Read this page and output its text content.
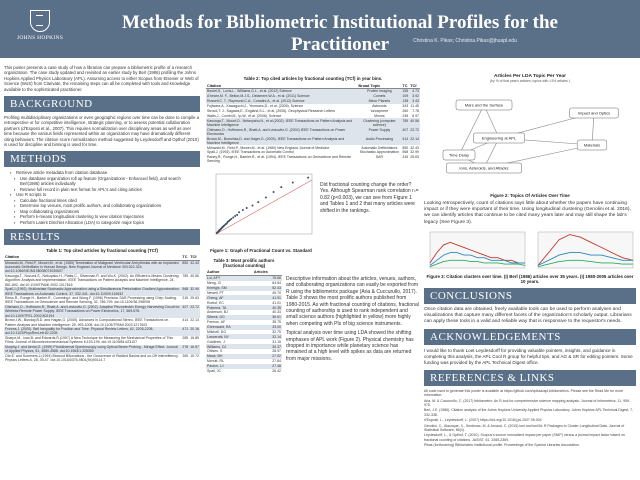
JOHNS HOPKINS
Methods for Bibliometric Institutional Profiles for the Practitioner	Christina K. Pikas; Christina.Pikas@jhuapl.edu

This poster presents a case study of how a librarian can prepare a bibliometric profile of a research organization. The case study updated and revisited an earlier study by Berl (1986) profiling the Johns Hopkins Applied Physics Laboratory (APL). Assuming access to either Scopus from Elsevier or Web of Science (WoS) from Clarivate, the remaining steps can all be completed with tools and knowledge available to the sophisticated practitioner.

BACKGROUND

Profiling multidisciplinary organizations or even geographic regions over time can be done to compile a retrospective or for competitive intelligence, strategic planning, or to assess potential collaboration partners (d'Esposti et al., 2007). This requires normalization over disciplinary areas as well as over time because the various fields represented within an organization may have dramatically different citing behaviors. The citation score normalization method suggested by Leydesdorff and Opthof (2010) is used for discipline and binning is used for time.

METHODS
▪ Retrieve article metadata from citation database
▪ Use database organization roll up feature (Organizations - Enhanced field), and search Berl(1986) articles individually
▪ Retrieve full record in plain text format for APL's and citing articles
▪ Use R scripts to
▪ Calculate fractional times cited
▪ Determine top venues, most prolific authors, and collaborating organizations
▪ Map collaborating organizations
▪ Perform k-means longitudinal clustering to view citation trajectories
▪ Perform Latent Dirichlet Allocation (LDA) to categorize major topics
RESULTS
Table 1: Top cited articles by fractional counting (TCf)
Citation	TC	TCf
Mirowski,M., Reid,P., Mower,M., et al. (1980) Termination of Malignant Ventricular Arrhythmias with an Implanted Automatic Defibrillator in Human Beings. New England Journal of Medicine 303:322-324. doi:10.1056/NEJM198008073030607	850	42.43
Kasunga,T., Nozumi,S., Nekoyaku,H., Platts,C., Silverman,R. and Wu,K. (2002). An Efficient k-Means Clustering Algorithm: Analysis and Implementation. IEEE Transactions on Pattern Analysis and Machine Intelligence, 24, 881-892. doi:10.1109/TPAMI.2002.1017616	789	40.56
Spall,J (1992). Multivariate Stochastic Approximation using a Simultaneous Perturbation Gradient Approximation. IEEE Transactions on Automatic Control, 37, 332-341. doi:10.1109/9.119632	568	32.99
Reiss,R., Runge,H., Barker,R., Cumming,I. and Wong,F. (1996) Precision SAR Processing using Chirp Scaling. IEEE Transactions on Geoscience and Remote Sensing, 32, 786-799. doi:10.1109/36.298008	315	25.63
Ohlmann,D., Hoffmann,R., Bhatt,A. and Leskovitz,G. (2002). Adaptive Piezoelectric Energy Harvesting Circuit for Wireless Remote Power Supply. IEEE Transactions on Power Electronics, 17, 669-676. doi:10.1109/TPEL.2002.802194	407	23.72
Brown,I.W., Bunday,B.D. and Hagan,G. (2005). Advances in Computational Stereo. IEEE Transactions on Pattern Analysis and Machine Intelligence, 25, 993-1008. doi:10.1109/TPAMI.2003.1217603	414	22.14
Frowns,J. (2000). Bell Inequality for Position and Time. Physical Review Letters, 62, 2205-2208. doi:10.1103/PhysRevLett.62.2205	471	20.16
Sharpe,M., Ivan,B. and Edwards,R.(1997) A New Technique for Measuring the Mechanical Properties of Thin Films. Journal of Microelectromechanical Systems 6:193-199. doi:10.1109/84.623107	285	16.85
Murphy,J. and Aerial,G. (1999) Photothermal Spectroscopy using Optical Beam Probing - Mirage Effect. Journal of Applied Physics, 51, 4580-4588. doi:10.1063/1.328350	278	16.57
Ohr,E. and Summers,J.(1994) Blowout Bifurcations - the Occurrence of Riddled Basins and on-Off Intermittency. Physics Letters A, 28, 39-47. doi:10.1016/0375-9601(94)90114-7	269	15.72
Table 2: Top cited articles by fractional counting (TCf) in year bins.
Citation	Broad Topic	TC	TCf
Beutel,S., Lovis,L., Williams,G.L., et al. (2012) Science	Protein Imaging	155	4.73
A'hearn,M. F., Belton,M.J.S., Delamere,W.A., et al. (2011) Science	Comets	109	3.92
Russell,C. T., Raymond,C.A., Coradini,A., et al. (2012) Science	Minor Planets	135	3.43
Fujiwara,A., Kawaguchi,J., Yeomans,D., et al. (2006). Science	Asteroids	343	11.45
Stroud,T. J., Sagawa,E., England,S.L., et al. (2006). Geophysical Research Letters	Ionosphere	260	7.78
Watts,J., Combi,M., Ip,W., et al. (2006). Science	Moons	245	6.97
Kasunga,T., Mount,D., Netanyahu,N., et al (2002). IEEE Transactions on Pattern Analysis and Machine Intelligence	Clustering (computer science)	789	40.56
Ohlmann,D., Hoffmann,R., Bhatt,A. and Leskovitz,G. (2002) IEEE Transactions on Power Electronics	Power Supply	407	23.72
Brown,M., Burschka,D. and Hager,G. (2003). IEEE Transactions on Pattern Analysis and Machine Intelligence	Audio Processing	414	22.14
Mirowski,M., Reid,P., Mower,M., et al. (1980) New England Journal of Medicine	Automatic Defibrillators	850	42.43
Spall,J. (1992). IEEE Transactions on Automatic Control	Stochastic Approximation	568	32.99
Raney,R., Runge,H., Bamler,R., et al. (1994). IEEE Transactions on Geoscience and Remote Sensing	SAR	315	25.63
Figure 1: Graph of Fractional Count vs. Standard

Did fractional counting change the order? Yes. Although Spearman rank correlation rₛ= 0.82 (p<0.003), we can see from Figure 1 and Tables 1 and 2 that many articles were shifted in the rankings.

Table 3: Most prolific authors (fractional counting)
Author	Articles
Lui, AFY	75.66
Meng, CI	64.64
Krimigis, SM	52.43
Newell, PT	49.70
Cheng, AF	41.91
Roelof, EC	41.01
Potemra, TA	40.35
Anderson, BJ	40.33
Sibeck, DG	36.51
Fremon, AF	35.75
Greenwald, RA	33.00
Mitchell, DG	32.75
Lanzerotti, BY	32.14
Goldfrein, J	31.15
Williams, DJ	30.37
Ohlsen, S	28.97
Mauk, BH	27.92
Mcnutt, RL	27.84
Paxton, LJ	27.48
Spall, JC	26.42

Descriptive information about the articles, venues, authors, and collaborating organizations can easily be exported from R using the bibliometrix package (Aria & Cuccurullo, 2017). Table 3 shows the most prolific authors published from 1980-2015. As with fractional counting of citations, fractional counting of authorship is used to rank independent and small science authors (highlighted in yellow) more highly when competing with PIs of big science instruments.

Topical analysis over time using LDA showed the shifting emphases of APL work (Figure 2). Physical chemistry has dropped in importance while planetary science has remained at a high level with spikes as data are returned from major missions.

Articles Per LDA Topic Per Year
(by % of that year's articles; topics with >3% articles )
Mars and the Surface
Engineering at APL
Impact and Optics
Materials
Time Delay
Ions, Asteroids, and Attacks
Figure 2: Topics Of Articles Over Time

Looking retrospectively, count of citations says little about whether the papers have continuing impact or if they were important of their time. Using longitudinal clustering (Genolini et al. 2016), we can identify articles that continue to be cited many years later and may still shape the lab's legacy (See Figure 3).

Figure 3: Citation clusters over time. (I) Berl (1986) articles over 35 years. (I) 1980-2005 articles over 10 years.
CONCLUSIONS

Once citation data are obtained, freely available tools can be used to perform analyses and visualizations that capture many different facets of the organization's scholarly output. Librarians can apply these tools in a valid and reliable way that is responsive to the requestor's needs.

ACKNOWLEDGEMENTS

I would like to thank Loet Leydesdorff for providing valuable pointers, insights, and guidance in completing this analysis, the APL Cool R group for helpful tips, and AG & SR for editing pointers. Some funding was provided by the APL Technical Digest office.

REFERENCES & LINKS
All code used to generate this poster is available at https://github.com/cpikas/apl-bibliometrics. Please see the Read Me for more information.
Aria, M. & Cuccurullo, C. (2017) bibliometrix: An R-tool for comprehensive science mapping analysis. Journal of Informetrics, 11, 959-975.
Berl, J.E. (1986). Citation analysis of the Johns Hopkins University Applied Physics Laboratory. Johns Hopkins APL Technical Digest, 7, 332-338.
d'Esposti, L., Leydesdorff, L. (2007) https://doi.org/10.1016/j.joi.2007.05.004
Genolini, C., Alacoque, X., Sentenac, M. & Arnaud, C. (2015) kml and kml3d: R Packages to Cluster Longitudinal Data. Journal of Statistical Software, 65(4).
Leydesdorff, L., & Opthof, T. (2010). Scopus's source normalized impact per paper (SNIP) versus a journal impact factor based on fractional counting of citations. JASIST, 61, 2365-2369.
Pikas (forthcoming) Bibliometric institutional profile. Proceedings of the Special Libraries Association.
